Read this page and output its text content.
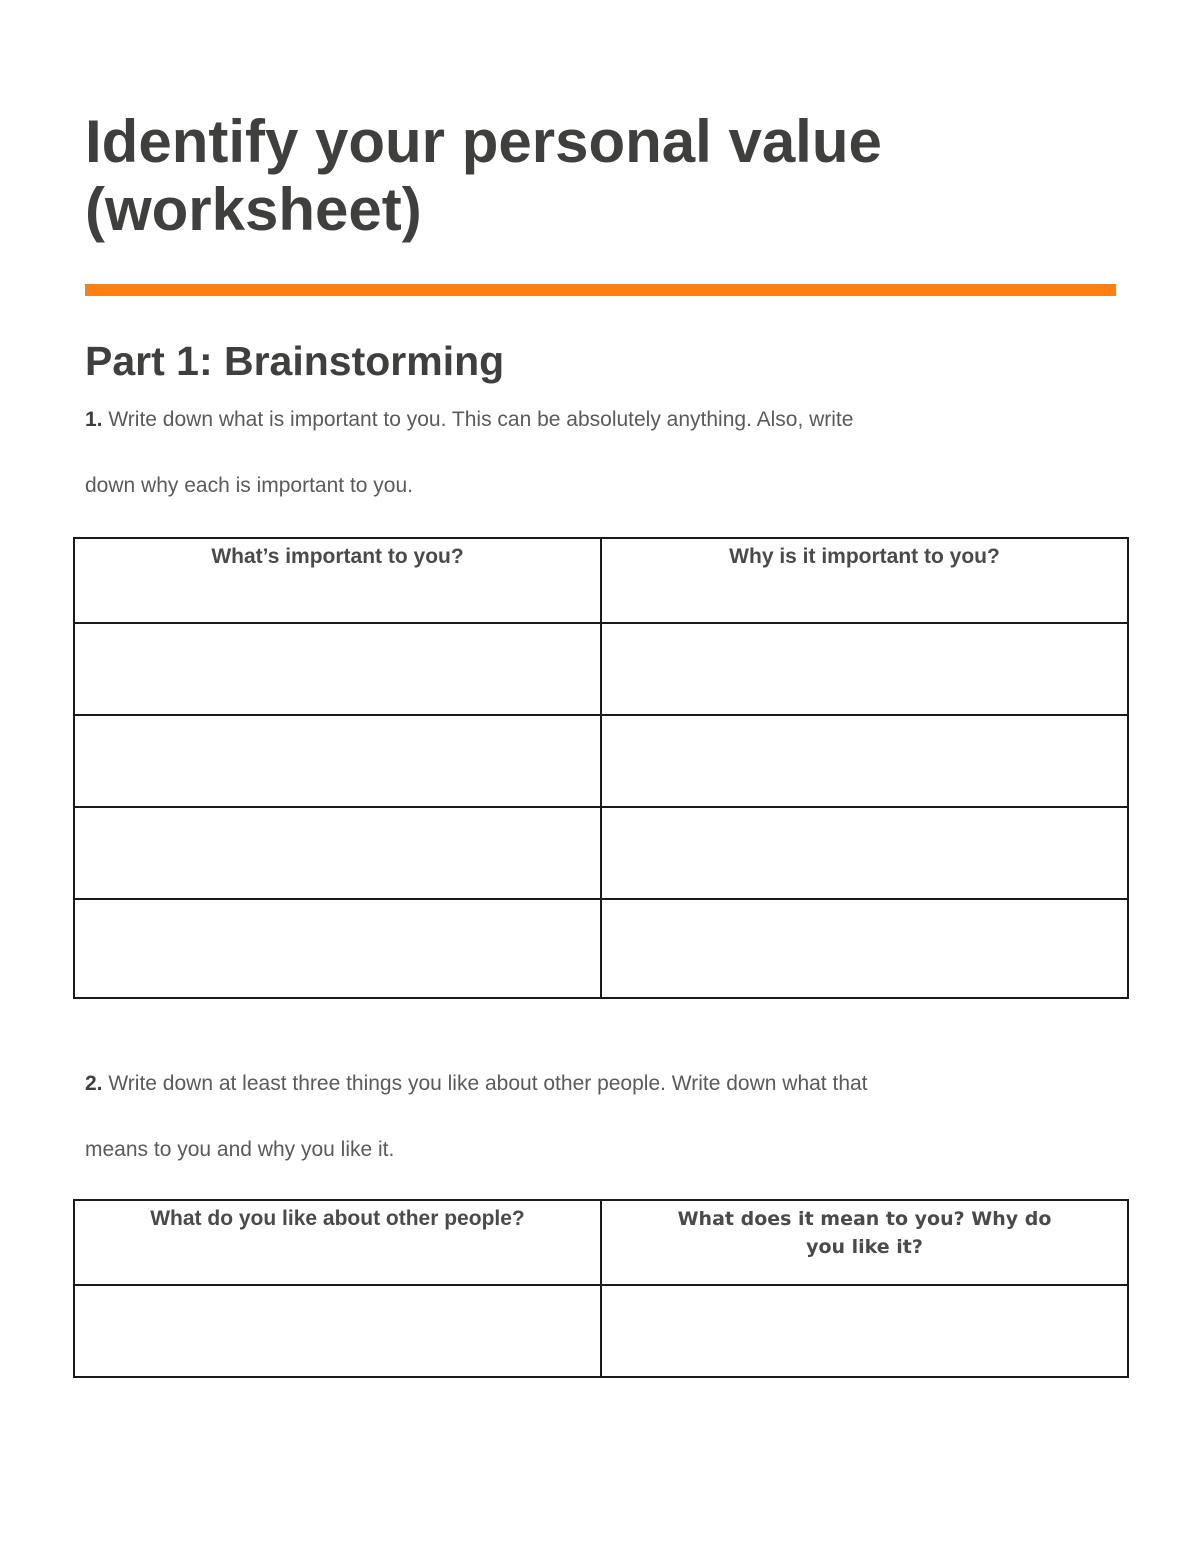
Identify your personal value
(worksheet)
Part 1: Brainstorming
1. Write down what is important to you. This can be absolutely anything. Also, write
down why each is important to you.
What’s important to you?	Why is it important to you?

2. Write down at least three things you like about other people. Write down what that
means to you and why you like it.
What do you like about other people?	What does it mean to you? Why do you like it?
